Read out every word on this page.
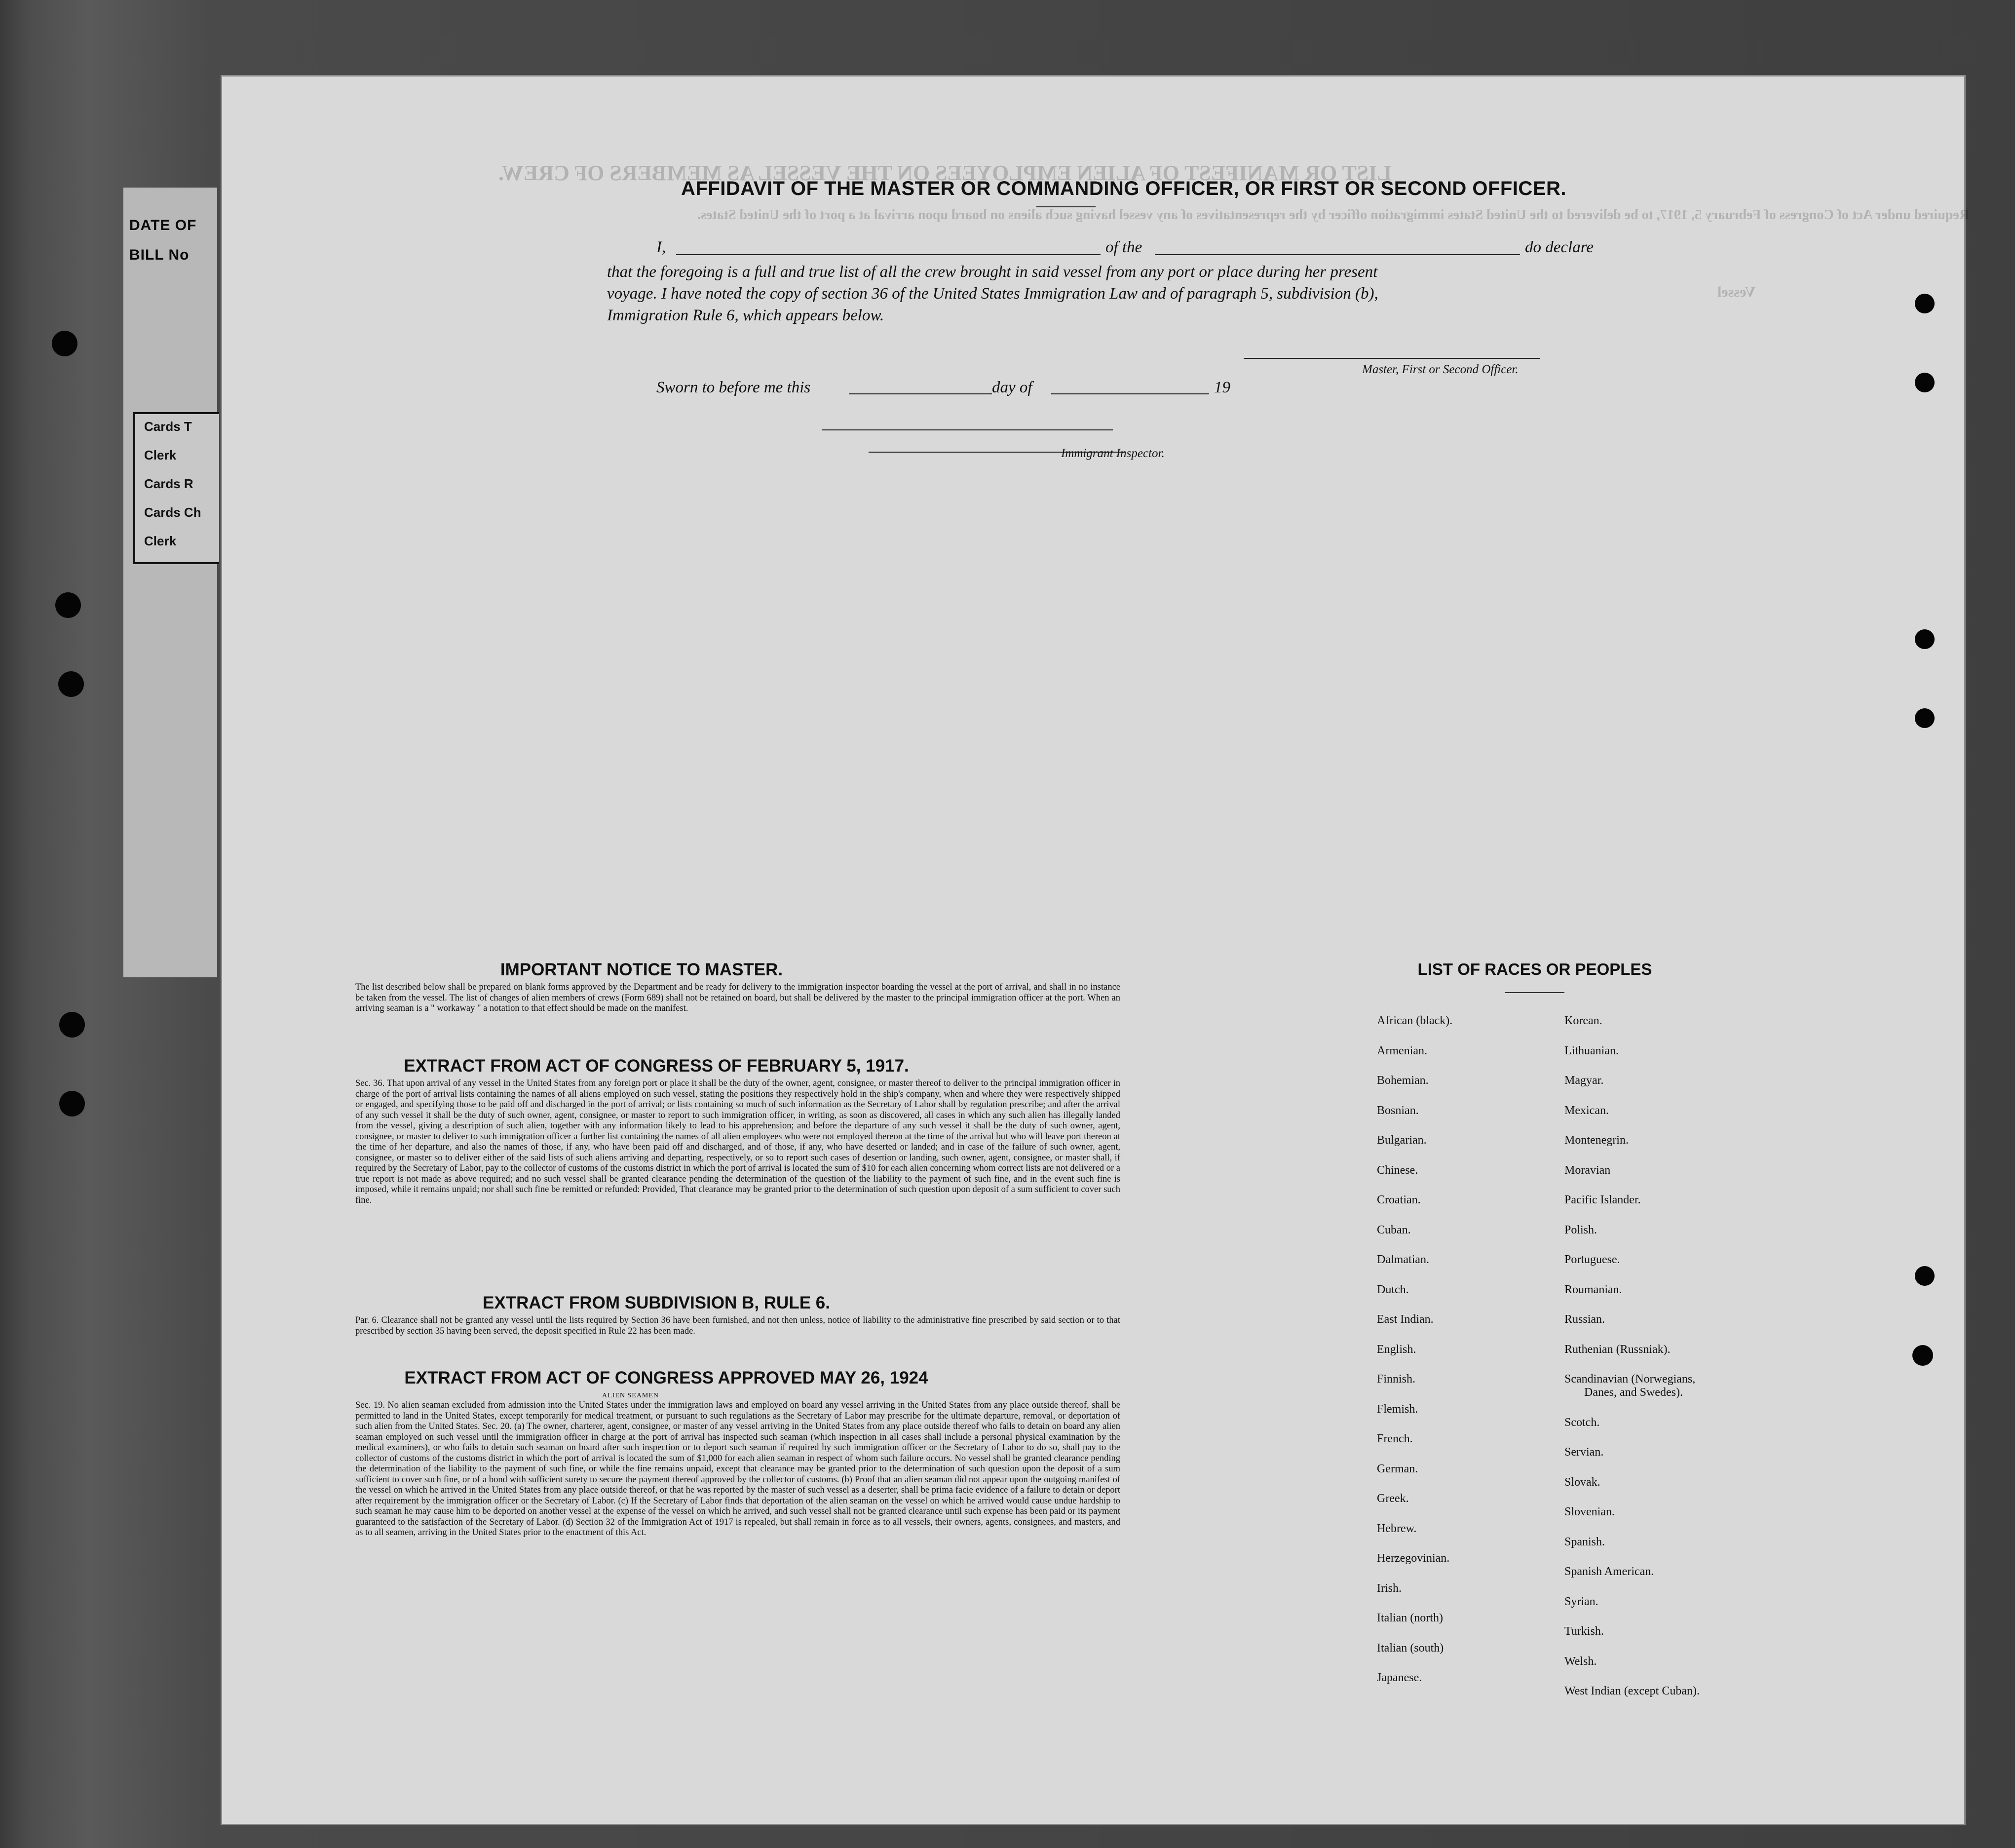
DATE OF
BILL No
Cards T
Clerk
Cards R
Cards Ch
Clerk
LIST OR MANIFEST OF ALIEN EMPLOYEES ON THE VESSEL AS MEMBERS OF CREW.
Required under Act of Congress of February 5, 1917, to be delivered to the United States immigration officer by the representatives of any vessel having such aliens on board upon arrival at a port of the United States.
Vessel
AFFIDAVIT OF THE MASTER OR COMMANDING OFFICER, OR FIRST OR SECOND OFFICER.
I,	of the	do declare
that the foregoing is a full and true list of all the crew brought in said vessel from any port or place during her present
voyage. I have noted the copy of section 36 of the United States Immigration Law and of paragraph 5, subdivision (b),
Immigration Rule 6, which appears below.
Master, First or Second Officer.
Sworn to before me this	day of	19
Immigrant Inspector.
IMPORTANT NOTICE TO MASTER.
The list described below shall be prepared on blank forms approved by the Department and be ready for delivery to the immigration inspector boarding the vessel at the port of arrival, and shall in no instance be taken from the vessel. The list of changes of alien members of crews (Form 689) shall not be retained on board, but shall be delivered by the master to the principal immigration officer at the port. When an arriving seaman is a " workaway " a notation to that effect should be made on the manifest.
EXTRACT FROM ACT OF CONGRESS OF FEBRUARY 5, 1917.
Sec. 36. That upon arrival of any vessel in the United States from any foreign port or place it shall be the duty of the owner, agent, consignee, or master thereof to deliver to the principal immigration officer in charge of the port of arrival lists containing the names of all aliens employed on such vessel, stating the positions they respectively hold in the ship's company, when and where they were respectively shipped or engaged, and specifying those to be paid off and discharged in the port of arrival; or lists containing so much of such information as the Secretary of Labor shall by regulation prescribe; and after the arrival of any such vessel it shall be the duty of such owner, agent, consignee, or master to report to such immigration officer, in writing, as soon as discovered, all cases in which any such alien has illegally landed from the vessel, giving a description of such alien, together with any information likely to lead to his apprehension; and before the departure of any such vessel it shall be the duty of such owner, agent, consignee, or master to deliver to such immigration officer a further list containing the names of all alien employees who were not employed thereon at the time of the arrival but who will leave port thereon at the time of her departure, and also the names of those, if any, who have been paid off and discharged, and of those, if any, who have deserted or landed; and in case of the failure of such owner, agent, consignee, or master so to deliver either of the said lists of such aliens arriving and departing, respectively, or so to report such cases of desertion or landing, such owner, agent, consignee, or master shall, if required by the Secretary of Labor, pay to the collector of customs of the customs district in which the port of arrival is located the sum of $10 for each alien concerning whom correct lists are not delivered or a true report is not made as above required; and no such vessel shall be granted clearance pending the determination of the question of the liability to the payment of such fine, and in the event such fine is imposed, while it remains unpaid; nor shall such fine be remitted or refunded: Provided, That clearance may be granted prior to the determination of such question upon deposit of a sum sufficient to cover such fine.
EXTRACT FROM SUBDIVISION B, RULE 6.
Par. 6. Clearance shall not be granted any vessel until the lists required by Section 36 have been furnished, and not then unless, notice of liability to the administrative fine prescribed by said section or to that prescribed by section 35 having been served, the deposit specified in Rule 22 has been made.
EXTRACT FROM ACT OF CONGRESS APPROVED MAY 26, 1924
ALIEN SEAMEN
Sec. 19. No alien seaman excluded from admission into the United States under the immigration laws and employed on board any vessel arriving in the United States from any place outside thereof, shall be permitted to land in the United States, except temporarily for medical treatment, or pursuant to such regulations as the Secretary of Labor may prescribe for the ultimate departure, removal, or deportation of such alien from the United States. Sec. 20. (a) The owner, charterer, agent, consignee, or master of any vessel arriving in the United States from any place outside thereof who fails to detain on board any alien seaman employed on such vessel until the immigration officer in charge at the port of arrival has inspected such seaman (which inspection in all cases shall include a personal physical examination by the medical examiners), or who fails to detain such seaman on board after such inspection or to deport such seaman if required by such immigration officer or the Secretary of Labor to do so, shall pay to the collector of customs of the customs district in which the port of arrival is located the sum of $1,000 for each alien seaman in respect of whom such failure occurs. No vessel shall be granted clearance pending the determination of the liability to the payment of such fine, or while the fine remains unpaid, except that clearance may be granted prior to the determination of such question upon the deposit of a sum sufficient to cover such fine, or of a bond with sufficient surety to secure the payment thereof approved by the collector of customs. (b) Proof that an alien seaman did not appear upon the outgoing manifest of the vessel on which he arrived in the United States from any place outside thereof, or that he was reported by the master of such vessel as a deserter, shall be prima facie evidence of a failure to detain or deport after requirement by the immigration officer or the Secretary of Labor. (c) If the Secretary of Labor finds that deportation of the alien seaman on the vessel on which he arrived would cause undue hardship to such seaman he may cause him to be deported on another vessel at the expense of the vessel on which he arrived, and such vessel shall not be granted clearance until such expense has been paid or its payment guaranteed to the satisfaction of the Secretary of Labor. (d) Section 32 of the Immigration Act of 1917 is repealed, but shall remain in force as to all vessels, their owners, agents, consignees, and masters, and as to all seamen, arriving in the United States prior to the enactment of this Act.
LIST OF RACES OR PEOPLES
African (black).
Armenian.
Bohemian.
Bosnian.
Bulgarian.
Chinese.
Croatian.
Cuban.
Dalmatian.
Dutch.
East Indian.
English.
Finnish.
Flemish.
French.
German.
Greek.
Hebrew.
Herzegovinian.
Irish.
Italian (north)
Italian (south)
Japanese.
Korean.
Lithuanian.
Magyar.
Mexican.
Montenegrin.
Moravian
Pacific Islander.
Polish.
Portuguese.
Roumanian.
Russian.
Ruthenian (Russniak).
Scandinavian (Norwegians,
Danes, and Swedes).
Scotch.
Servian.
Slovak.
Slovenian.
Spanish.
Spanish American.
Syrian.
Turkish.
Welsh.
West Indian (except Cuban).
